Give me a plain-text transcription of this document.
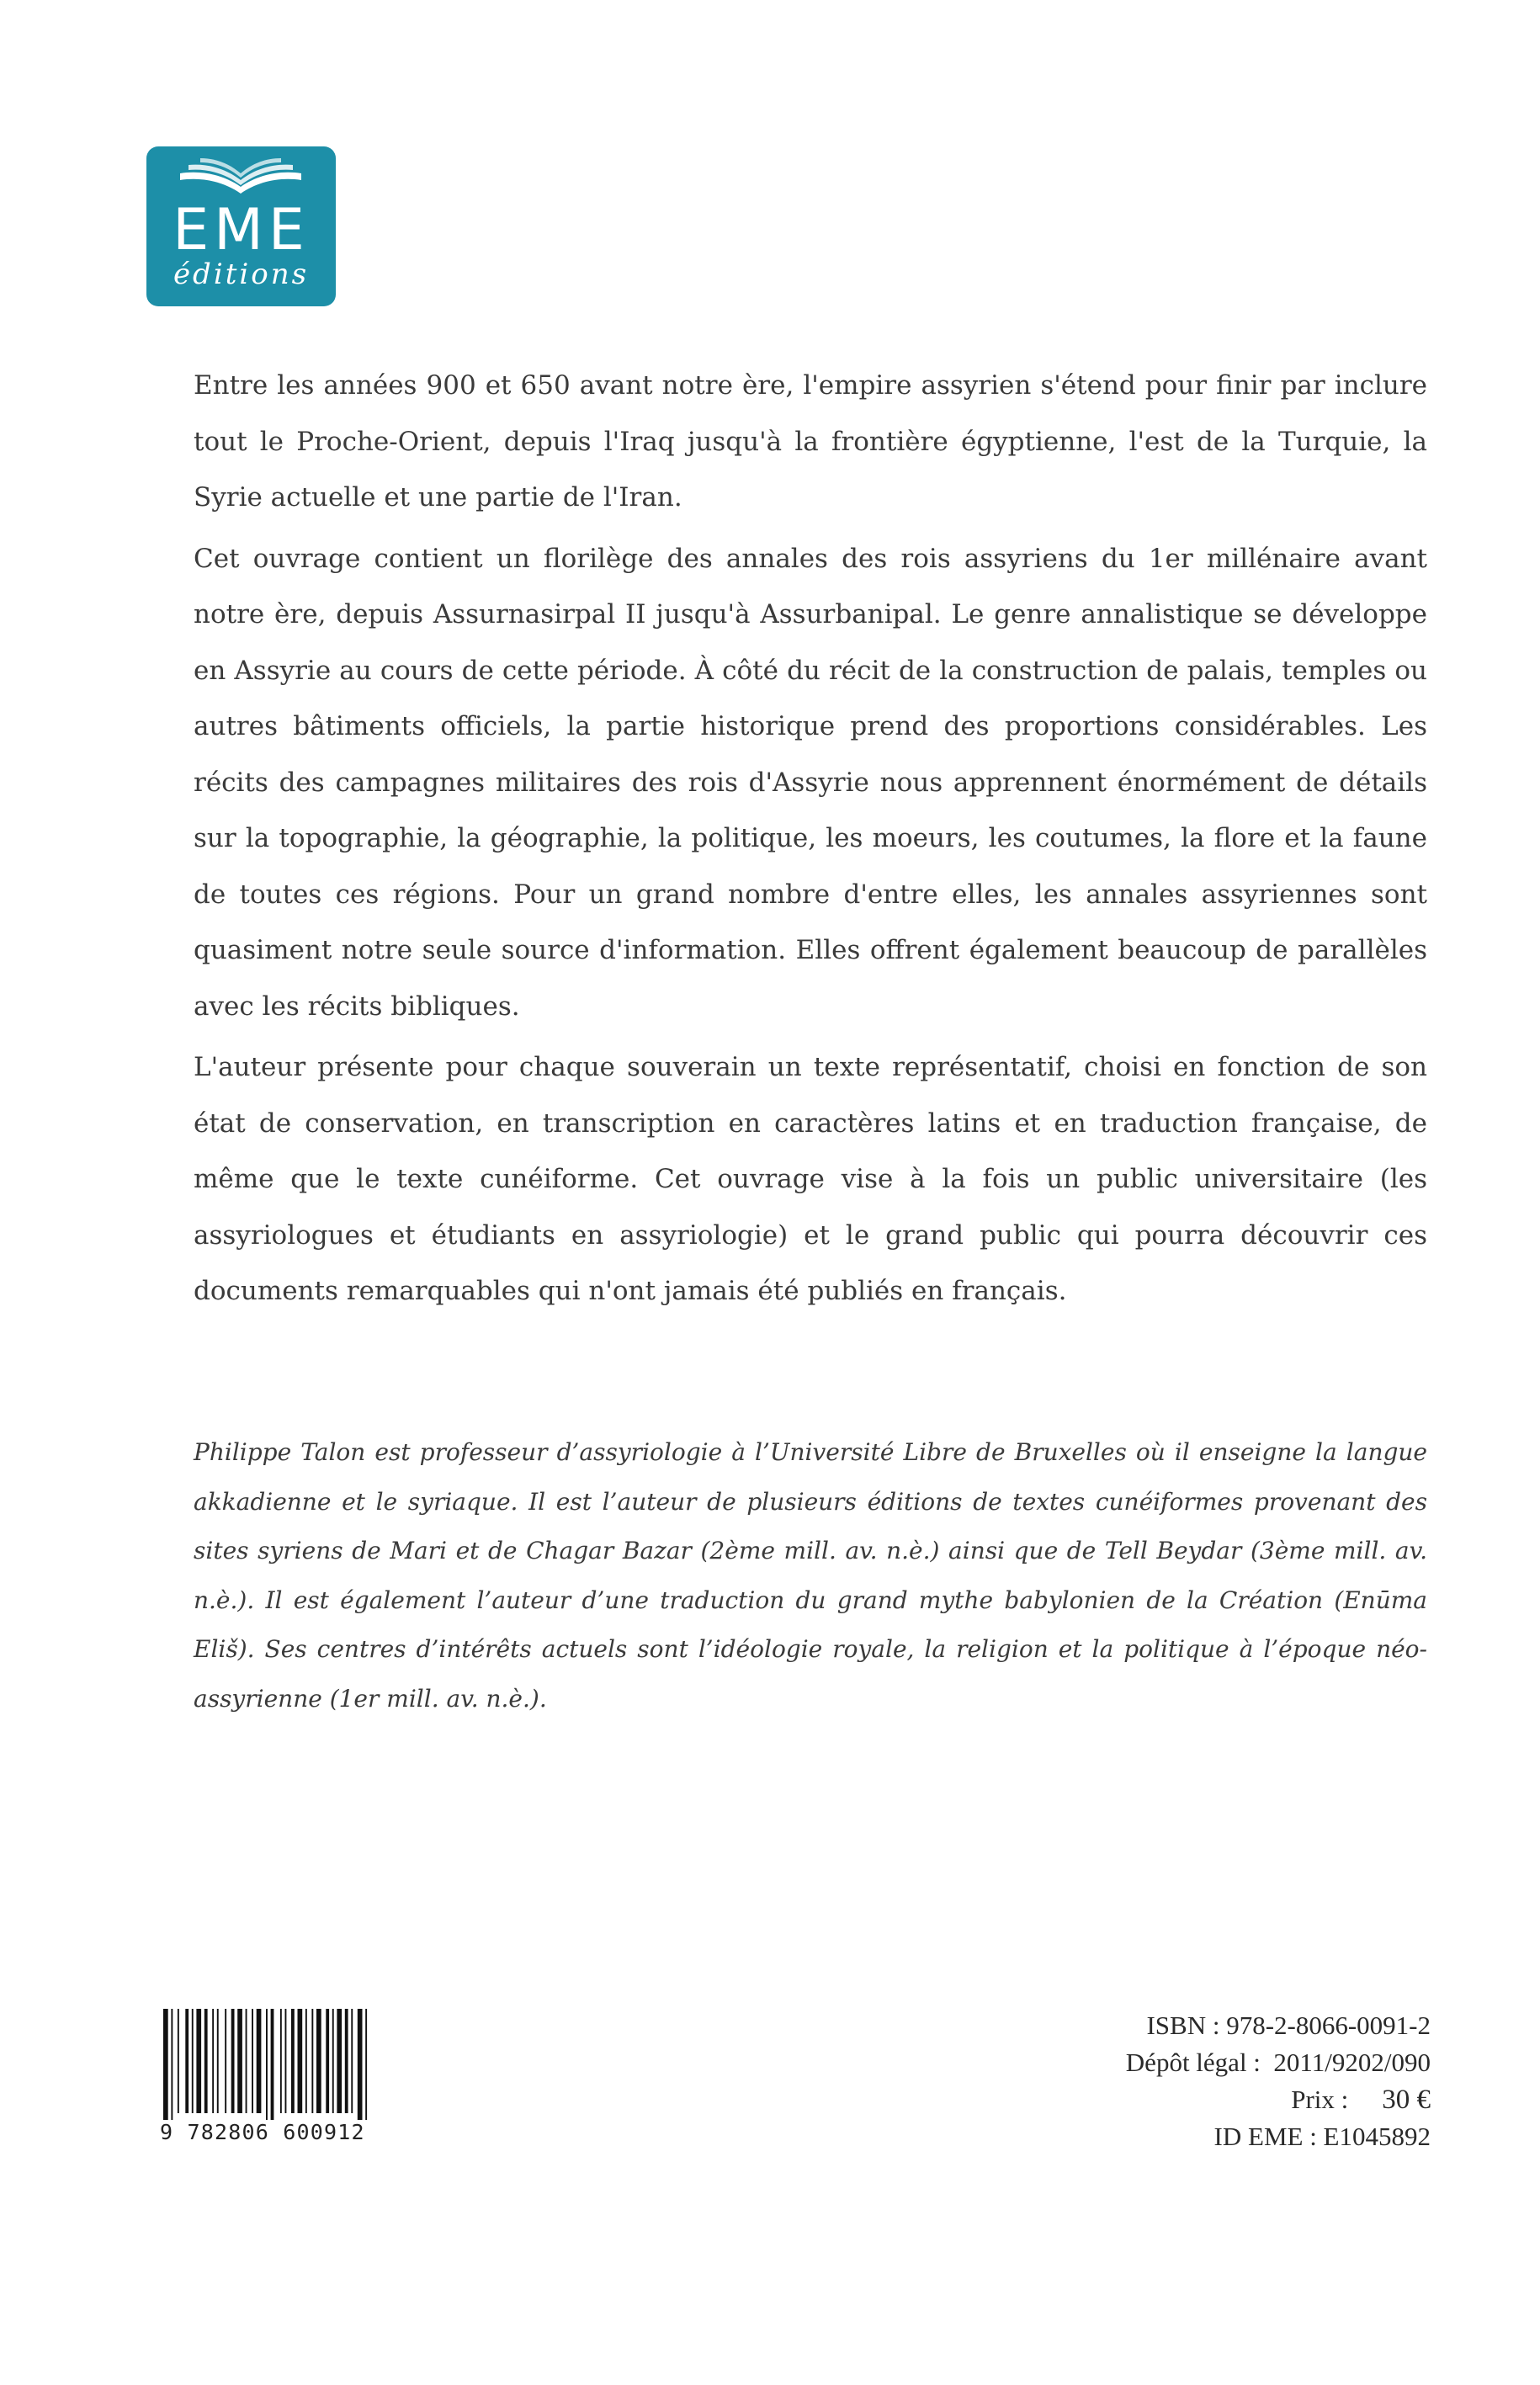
EME
éditions

Entre les années 900 et 650 avant notre ère, l'empire assyrien s'étend pour finir par inclure tout le Proche-Orient, depuis l'Iraq jusqu'à la frontière égyptienne, l'est de la Turquie, la Syrie actuelle et une partie de l'Iran.

Cet ouvrage contient un florilège des annales des rois assyriens du 1er millénaire avant notre ère, depuis Assurnasirpal II jusqu'à Assurbanipal. Le genre annalistique se développe en Assyrie au cours de cette période. À côté du récit de la construction de palais, temples ou autres bâtiments officiels, la partie historique prend des proportions considérables. Les récits des campagnes militaires des rois d'Assyrie nous apprennent énormément de détails sur la topographie, la géographie, la politique, les moeurs, les coutumes, la flore et la faune de toutes ces régions. Pour un grand nombre d'entre elles, les annales assyriennes sont quasiment notre seule source d'information. Elles offrent également beaucoup de parallèles avec les récits bibliques.

L'auteur présente pour chaque souverain un texte représentatif, choisi en fonction de son état de conservation, en transcription en caractères latins et en traduction française, de même que le texte cunéiforme. Cet ouvrage vise à la fois un public universitaire (les assyriologues et étudiants en assyriologie) et le grand public qui pourra découvrir ces documents remarquables qui n'ont jamais été publiés en français.

Philippe Talon est professeur d’assyriologie à l’Université Libre de Bruxelles où il enseigne la langue akkadienne et le syriaque. Il est l’auteur de plusieurs éditions de textes cunéiformes provenant des sites syriens de Mari et de Chagar Bazar (2ème mill. av. n.è.) ainsi que de Tell Beydar (3ème mill. av. n.è.). Il est également l’auteur d’une traduction du grand mythe babylonien de la Création (Enūma Eliš). Ses centres d’intérêts actuels sont l’idéologie royale, la religion et la politique à l’époque néo-assyrienne (1er mill. av. n.è.).
9 782806 600912
ISBN : 978-2-8066-0091-2
Dépôt légal :  2011/9202/090
Prix : 30 €
ID EME : E1045892
